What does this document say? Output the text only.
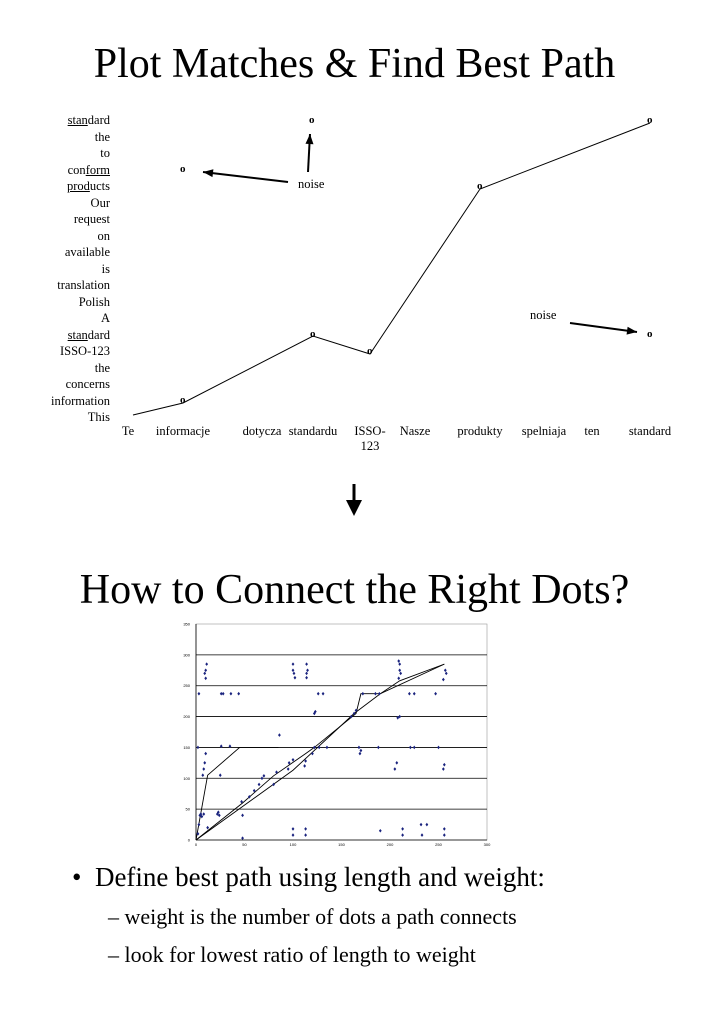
Plot Matches & Find Best Path
How to Connect the Right Dots?
standard
the
to
conform
products
Our
request
on
available
is
translation
Polish
A
standard
ISSO-123
the
concerns
information
This
Te informacje	dotycza standardu ISSO-
123
Nasze produkty spelniaja ten standard
o
o
o
o
o
o
o
o
noise
noise
0
50
100
150
200
250
300
350
0	50	100	150	200	250	300
•  Define best path using length and weight:
– weight is the number of dots a path connects
– look for lowest ratio of length to weight
